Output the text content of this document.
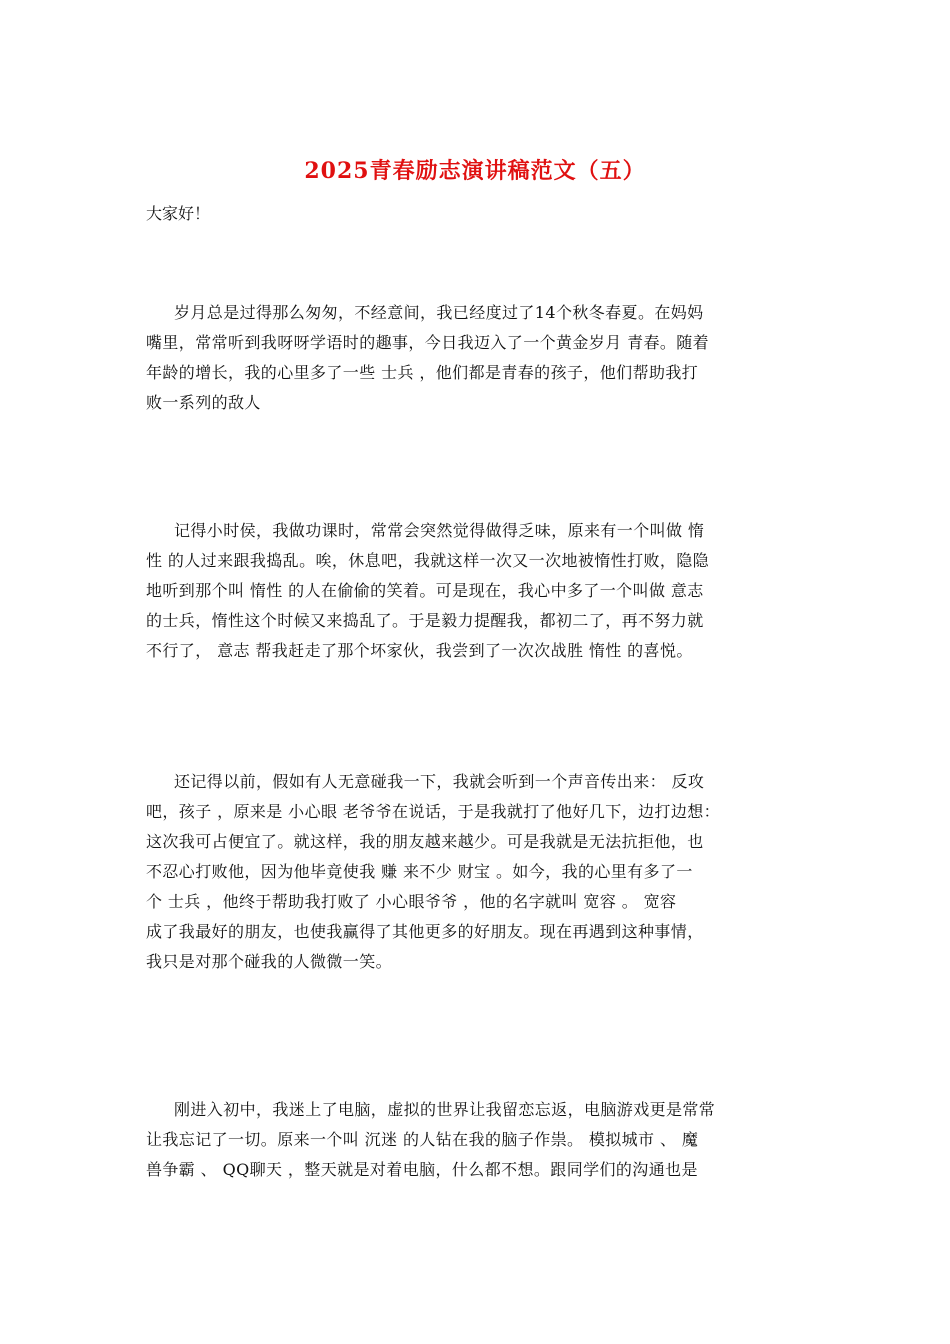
2025青春励志演讲稿范文（五）
大家好！
岁月总是过得那么匆匆，不经意间，我已经度过了14个秋冬春夏。在妈妈
嘴里，常常听到我呀呀学语时的趣事，今日我迈入了一个黄金岁月 青春。随着
年龄的增长，我的心里多了一些 士兵 ，他们都是青春的孩子，他们帮助我打
败一系列的敌人
记得小时侯，我做功课时，常常会突然觉得做得乏味，原来有一个叫做 惰
性 的人过来跟我捣乱。唉，休息吧，我就这样一次又一次地被惰性打败，隐隐
地听到那个叫 惰性 的人在偷偷的笑着。可是现在，我心中多了一个叫做 意志
的士兵，惰性这个时候又来捣乱了。于是毅力提醒我，都初二了，再不努力就
不行了， 意志 帮我赶走了那个坏家伙，我尝到了一次次战胜 惰性 的喜悦。
还记得以前，假如有人无意碰我一下，我就会听到一个声音传出来： 反攻
吧，孩子 ，原来是 小心眼 老爷爷在说话，于是我就打了他好几下，边打边想：
这次我可占便宜了。就这样，我的朋友越来越少。可是我就是无法抗拒他，也
不忍心打败他，因为他毕竟使我 赚 来不少 财宝 。如今，我的心里有多了一
个 士兵 ，他终于帮助我打败了 小心眼爷爷 ，他的名字就叫 宽容 。 宽容
成了我最好的朋友，也使我赢得了其他更多的好朋友。现在再遇到这种事情，
我只是对那个碰我的人微微一笑。
刚进入初中，我迷上了电脑，虚拟的世界让我留恋忘返，电脑游戏更是常常
让我忘记了一切。原来一个叫 沉迷 的人钻在我的脑子作祟。 模拟城市 、 魔
兽争霸 、 QQ聊天 ，整天就是对着电脑，什么都不想。跟同学们的沟通也是
